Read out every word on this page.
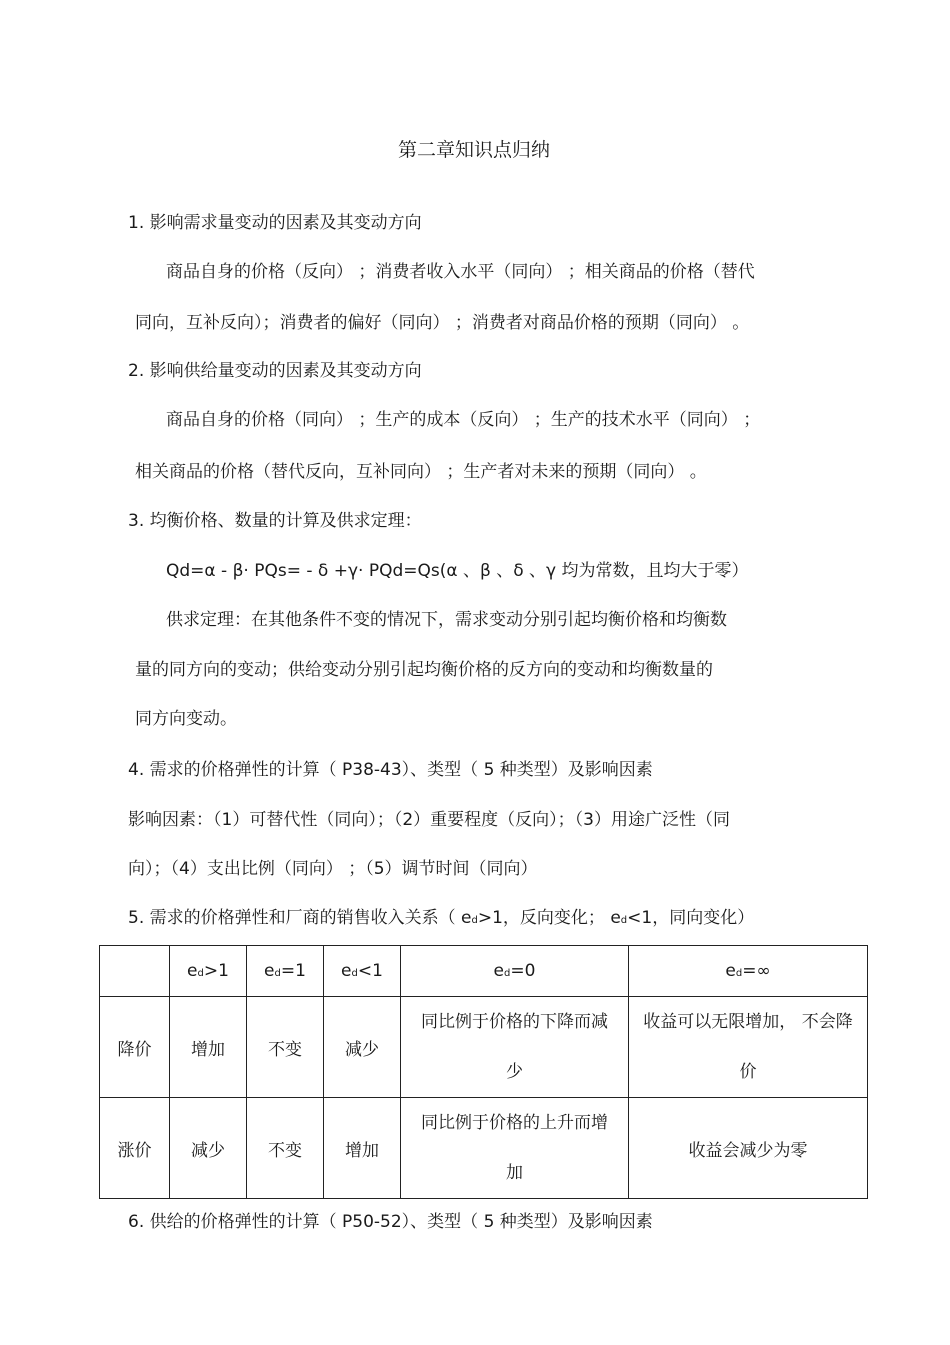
第二章知识点归纳
1. 影响需求量变动的因素及其变动方向
商品自身的价格（反向） ；消费者收入水平（同向） ；相关商品的价格（替代
同向，互补反向）；消费者的偏好（同向） ；消费者对商品价格的预期（同向） 。
2. 影响供给量变动的因素及其变动方向
商品自身的价格（同向） ；生产的成本（反向） ；生产的技术水平（同向） ；
相关商品的价格（替代反向，互补同向） ；生产者对未来的预期（同向） 。
3. 均衡价格、数量的计算及供求定理：
Qd=α - β· PQs= - δ +γ· PQd=Qs(α 、β 、δ 、γ 均为常数，且均大于零）
供求定理：在其他条件不变的情况下，需求变动分别引起均衡价格和均衡数
量的同方向的变动；供给变动分别引起均衡价格的反方向的变动和均衡数量的
同方向变动。
4. 需求的价格弹性的计算（ P38-43）、类型（ 5 种类型）及影响因素
影响因素：（1）可替代性（同向）；（2）重要程度（反向）；（3）用途广泛性（同
向）；（4）支出比例（同向） ；（5）调节时间（同向）
5. 需求的价格弹性和厂商的销售收入关系（ ed>1，反向变化； ed<1，同向变化）
	ed>1	ed=1	ed<1	ed=0	ed=∞
降价	增加	不变	减少	同比例于价格的下降而减少	收益可以无限增加， 不会降价
涨价	减少	不变	增加	同比例于价格的上升而增加	收益会减少为零
6. 供给的价格弹性的计算（ P50-52）、类型（ 5 种类型）及影响因素
